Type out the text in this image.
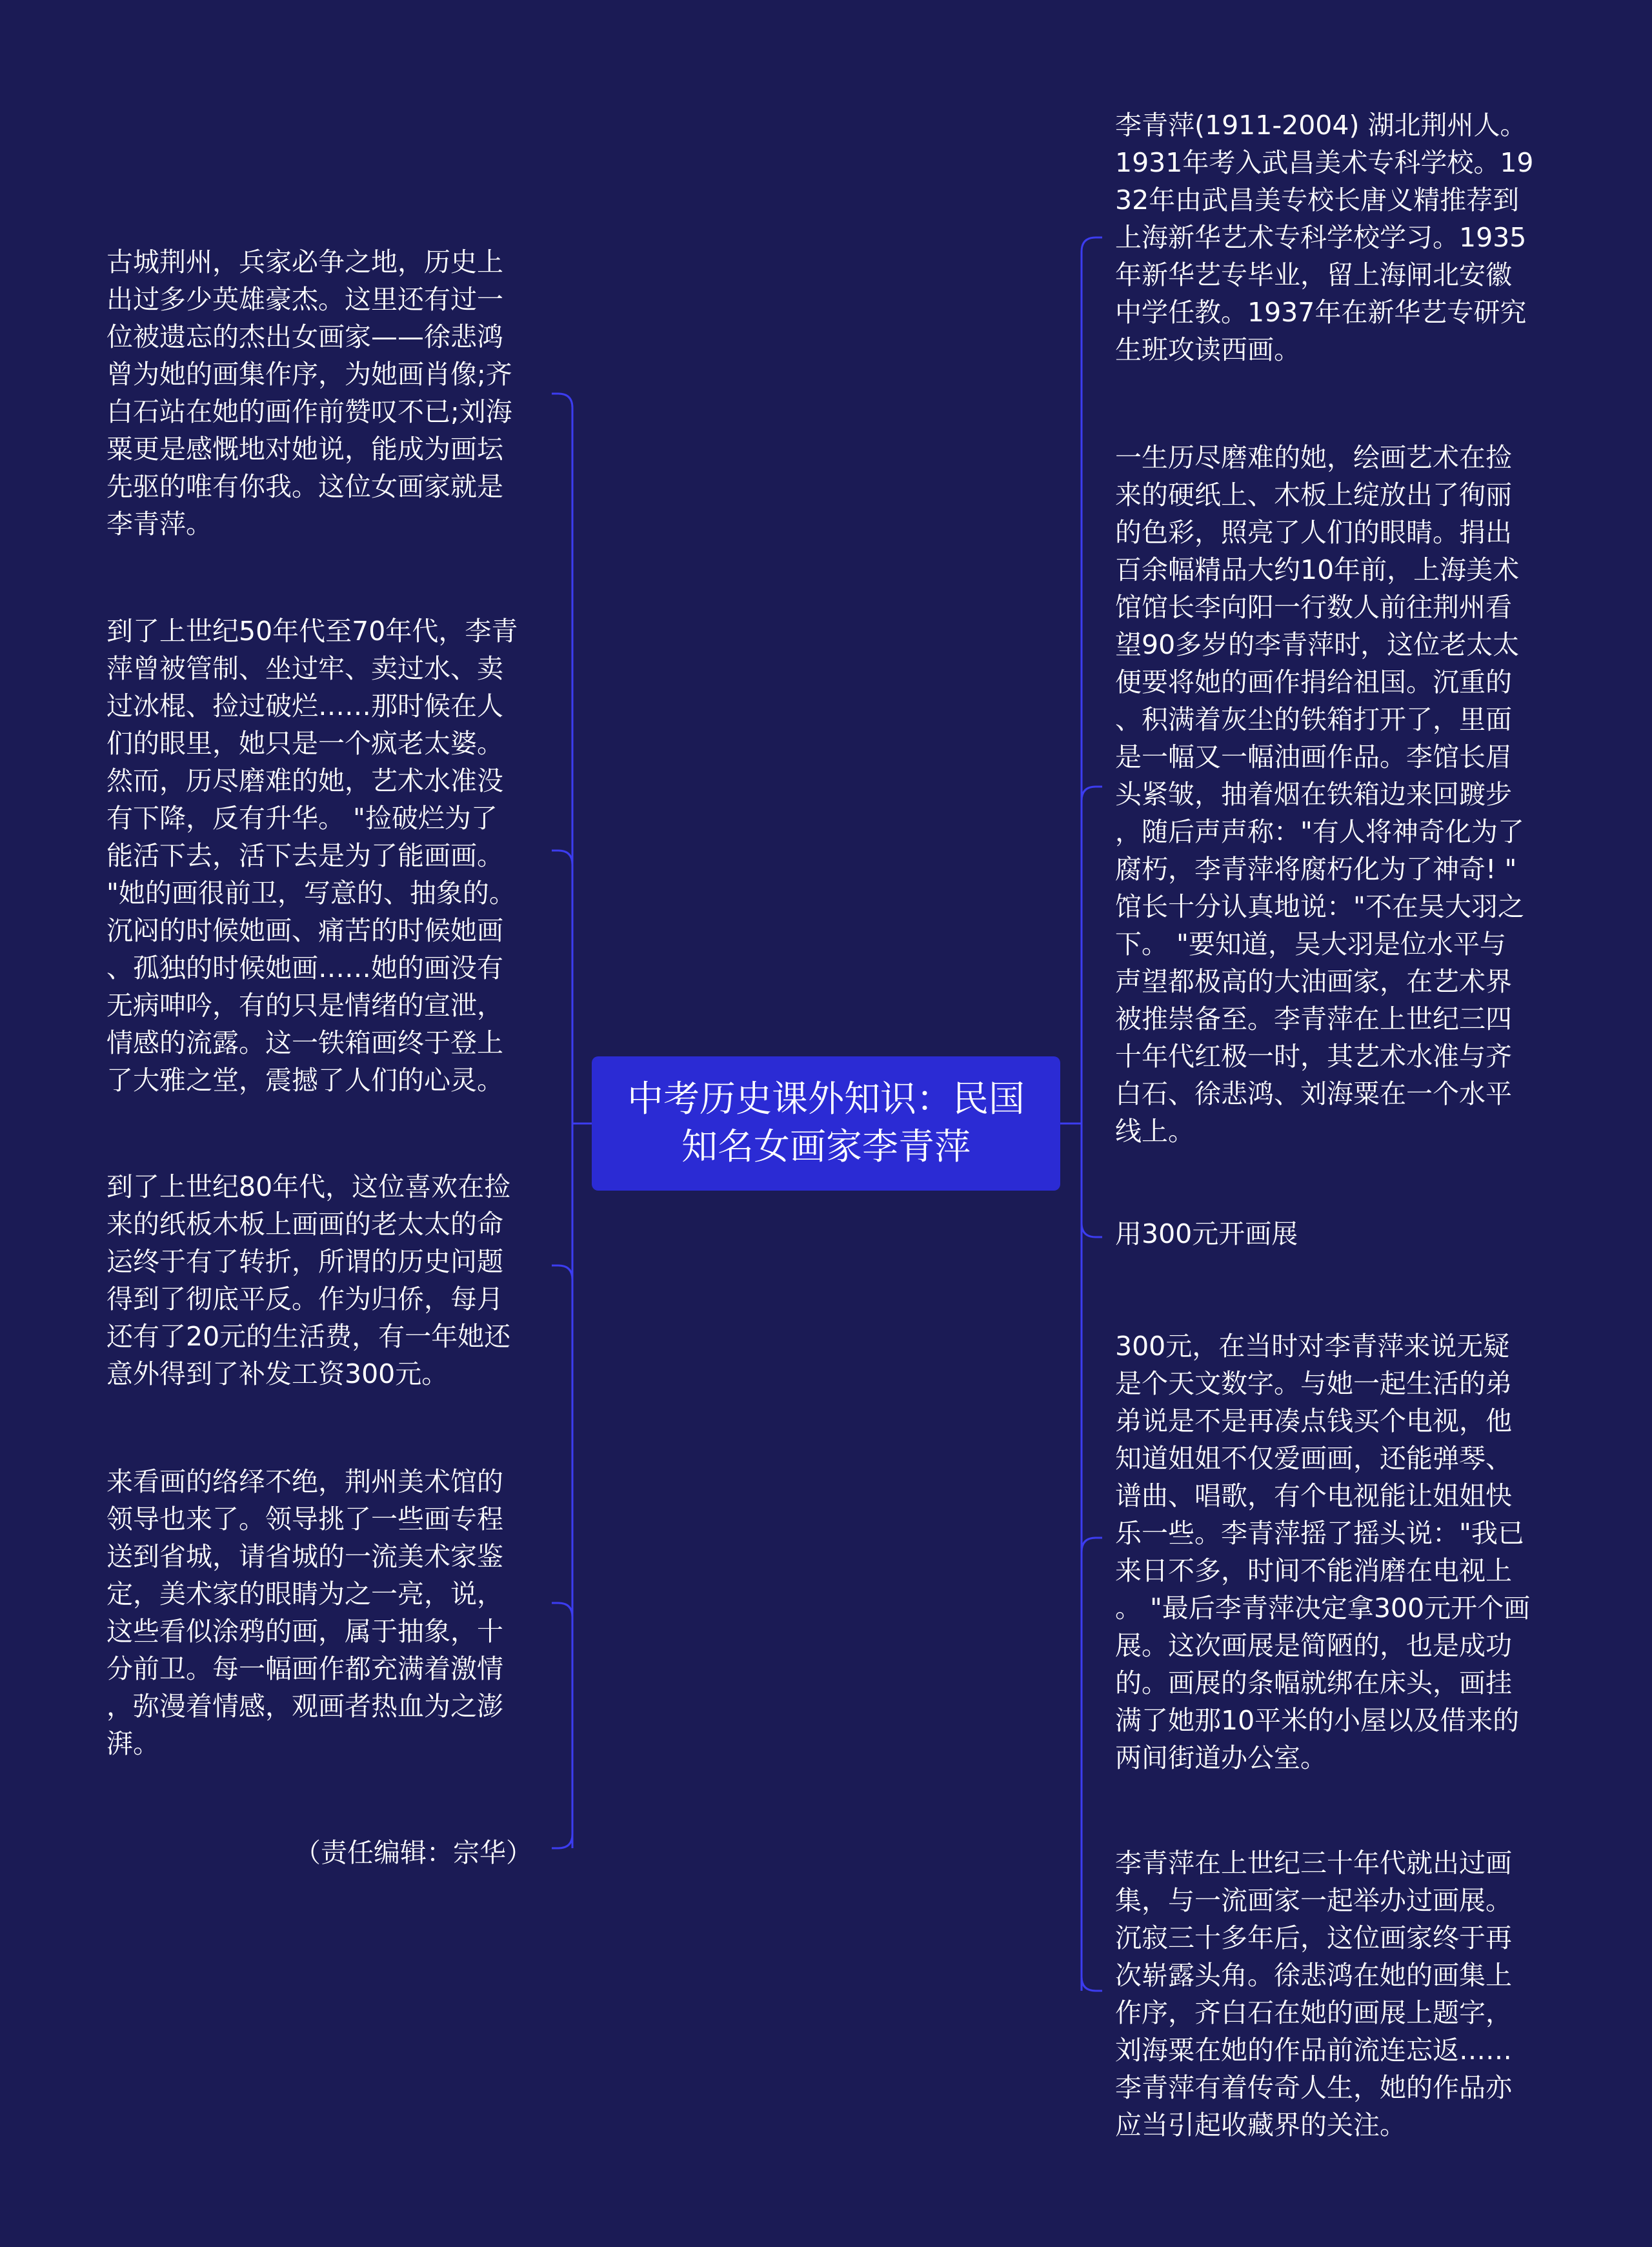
中考历史课外知识：民国
知名女画家李青萍

古城荆州，兵家必争之地，历史上
出过多少英雄豪杰。这里还有过一
位被遗忘的杰出女画家——徐悲鸿
曾为她的画集作序，为她画肖像;齐
白石站在她的画作前赞叹不已;刘海
粟更是感慨地对她说，能成为画坛
先驱的唯有你我。这位女画家就是
李青萍。

到了上世纪50年代至70年代，李青
萍曾被管制、坐过牢、卖过水、卖
过冰棍、捡过破烂……那时候在人
们的眼里，她只是一个疯老太婆。
然而，历尽磨难的她，艺术水准没
有下降，反有升华。 "捡破烂为了
能活下去，活下去是为了能画画。
"她的画很前卫，写意的、抽象的。
沉闷的时候她画、痛苦的时候她画
、孤独的时候她画……她的画没有
无病呻吟，有的只是情绪的宣泄，
情感的流露。这一铁箱画终于登上
了大雅之堂，震撼了人们的心灵。

到了上世纪80年代，这位喜欢在捡
来的纸板木板上画画的老太太的命
运终于有了转折，所谓的历史问题
得到了彻底平反。作为归侨，每月
还有了20元的生活费，有一年她还
意外得到了补发工资300元。

来看画的络绎不绝，荆州美术馆的
领导也来了。领导挑了一些画专程
送到省城，请省城的一流美术家鉴
定，美术家的眼睛为之一亮，说，
这些看似涂鸦的画，属于抽象，十
分前卫。每一幅画作都充满着激情
，弥漫着情感，观画者热血为之澎
湃。

（责任编辑：宗华）

李青萍(1911-2004) 湖北荆州人。
1931年考入武昌美术专科学校。19
32年由武昌美专校长唐义精推荐到
上海新华艺术专科学校学习。1935
年新华艺专毕业，留上海闸北安徽
中学任教。1937年在新华艺专研究
生班攻读西画。

一生历尽磨难的她，绘画艺术在捡
来的硬纸上、木板上绽放出了徇丽
的色彩，照亮了人们的眼睛。捐出
百余幅精品大约10年前，上海美术
馆馆长李向阳一行数人前往荆州看
望90多岁的李青萍时，这位老太太
便要将她的画作捐给祖国。沉重的
、积满着灰尘的铁箱打开了，里面
是一幅又一幅油画作品。李馆长眉
头紧皱，抽着烟在铁箱边来回踱步
，随后声声称："有人将神奇化为了
腐朽，李青萍将腐朽化为了神奇! "
馆长十分认真地说："不在吴大羽之
下。 "要知道，吴大羽是位水平与
声望都极高的大油画家，在艺术界
被推崇备至。李青萍在上世纪三四
十年代红极一时，其艺术水准与齐
白石、徐悲鸿、刘海粟在一个水平
线上。

用300元开画展

300元，在当时对李青萍来说无疑
是个天文数字。与她一起生活的弟
弟说是不是再凑点钱买个电视，他
知道姐姐不仅爱画画，还能弹琴、
谱曲、唱歌，有个电视能让姐姐快
乐一些。李青萍摇了摇头说："我已
来日不多，时间不能消磨在电视上
。 "最后李青萍决定拿300元开个画
展。这次画展是简陋的，也是成功
的。画展的条幅就绑在床头，画挂
满了她那10平米的小屋以及借来的
两间街道办公室。

李青萍在上世纪三十年代就出过画
集，与一流画家一起举办过画展。
沉寂三十多年后，这位画家终于再
次崭露头角。徐悲鸿在她的画集上
作序，齐白石在她的画展上题字，
刘海粟在她的作品前流连忘返……
李青萍有着传奇人生，她的作品亦
应当引起收藏界的关注。
